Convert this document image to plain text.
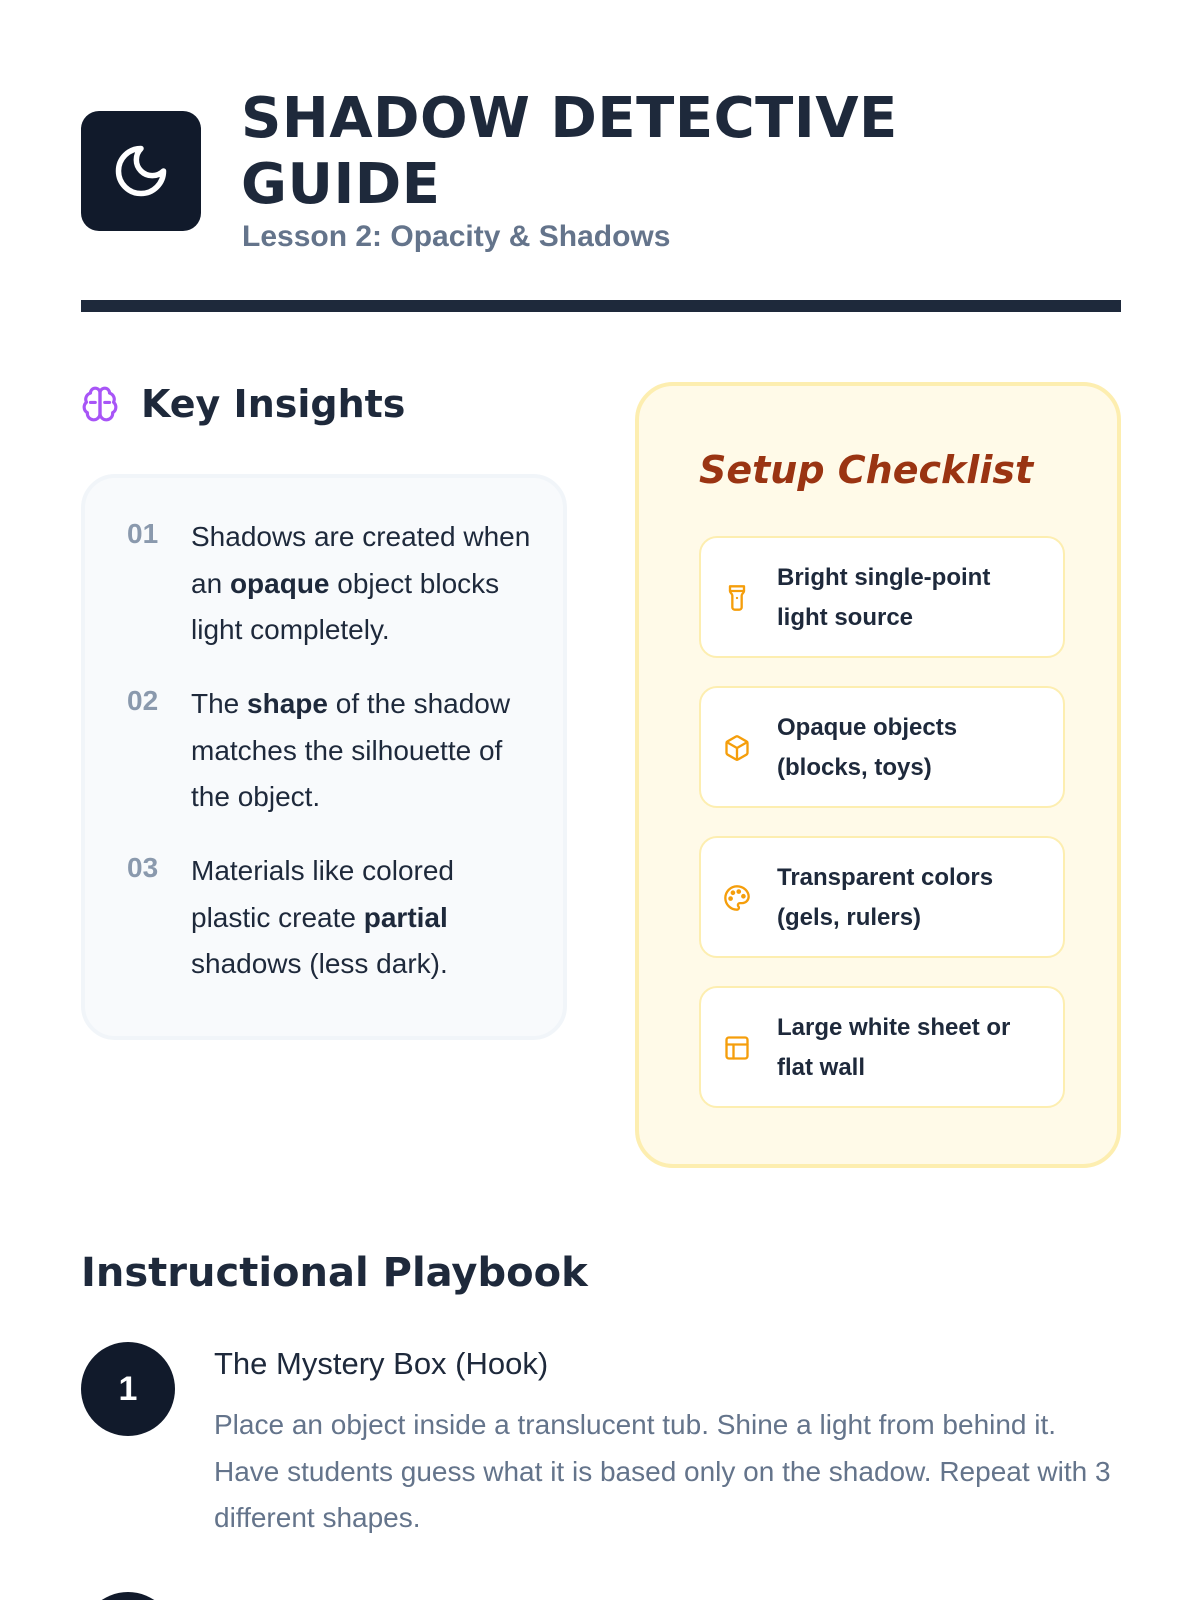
SHADOW DETECTIVE GUIDE
Lesson 2: Opacity & Shadows
Key Insights
01	Shadows are created when an opaque object blocks light completely.
02	The shape of the shadow matches the silhouette of the object.
03	Materials like colored plastic create partial shadows (less dark).
Setup Checklist
Bright single-point light source
Opaque objects (blocks, toys)
Transparent colors (gels, rulers)
Large white sheet or flat wall
Instructional Playbook
1
The Mystery Box (Hook)
Place an object inside a translucent tub. Shine a light from behind it. Have students guess what it is based only on the shadow. Repeat with 3 different shapes.
